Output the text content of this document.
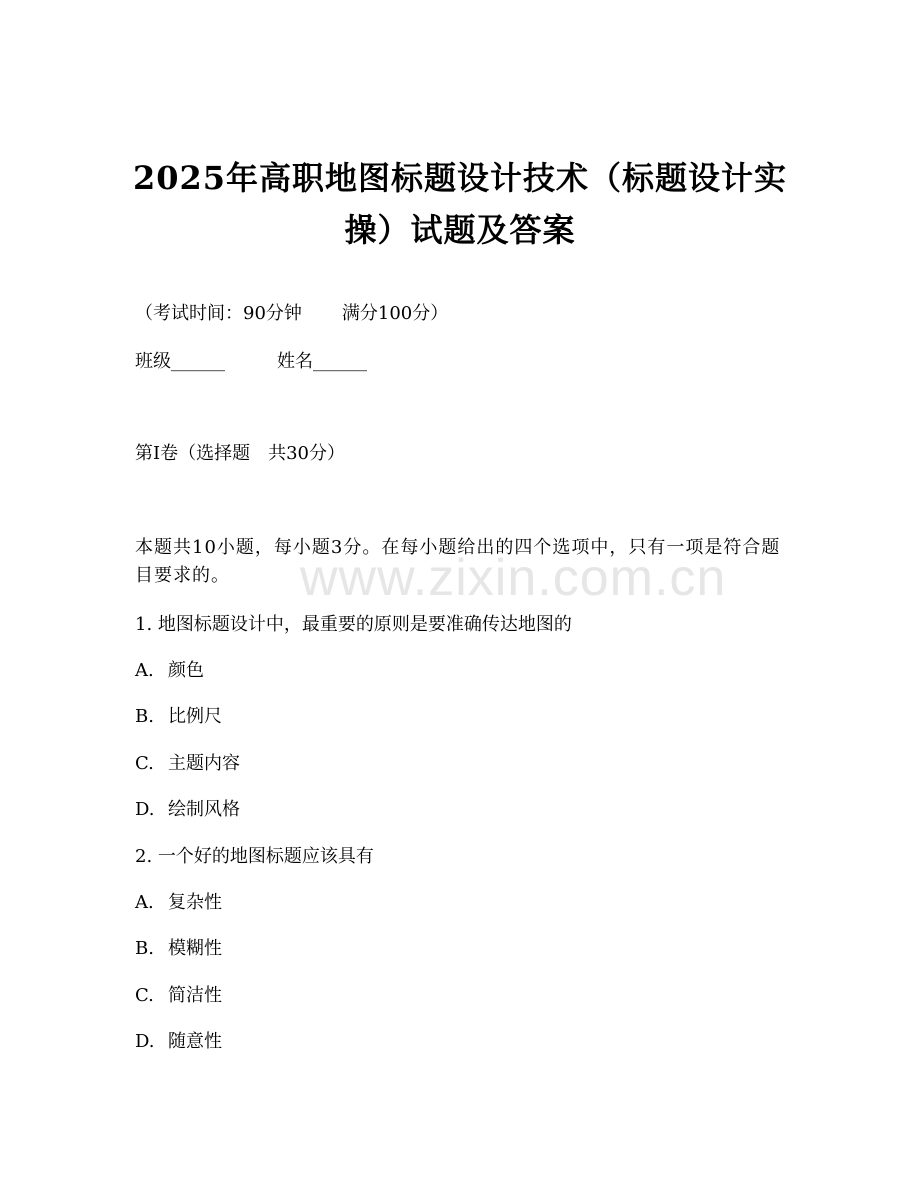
www.zixin.com.cn
2025年高职地图标题设计技术（标题设计实操）试题及答案
（考试时间：90分钟 满分100分）
班级______	姓名______
第I卷（选择题　共30分）
本题共10小题，每小题3分。在每小题给出的四个选项中，只有一项是符合题目要求的。
1. 地图标题设计中，最重要的原则是要准确传达地图的
A. 颜色
B. 比例尺
C. 主题内容
D. 绘制风格
2. 一个好的地图标题应该具有
A. 复杂性
B. 模糊性
C. 简洁性
D. 随意性
